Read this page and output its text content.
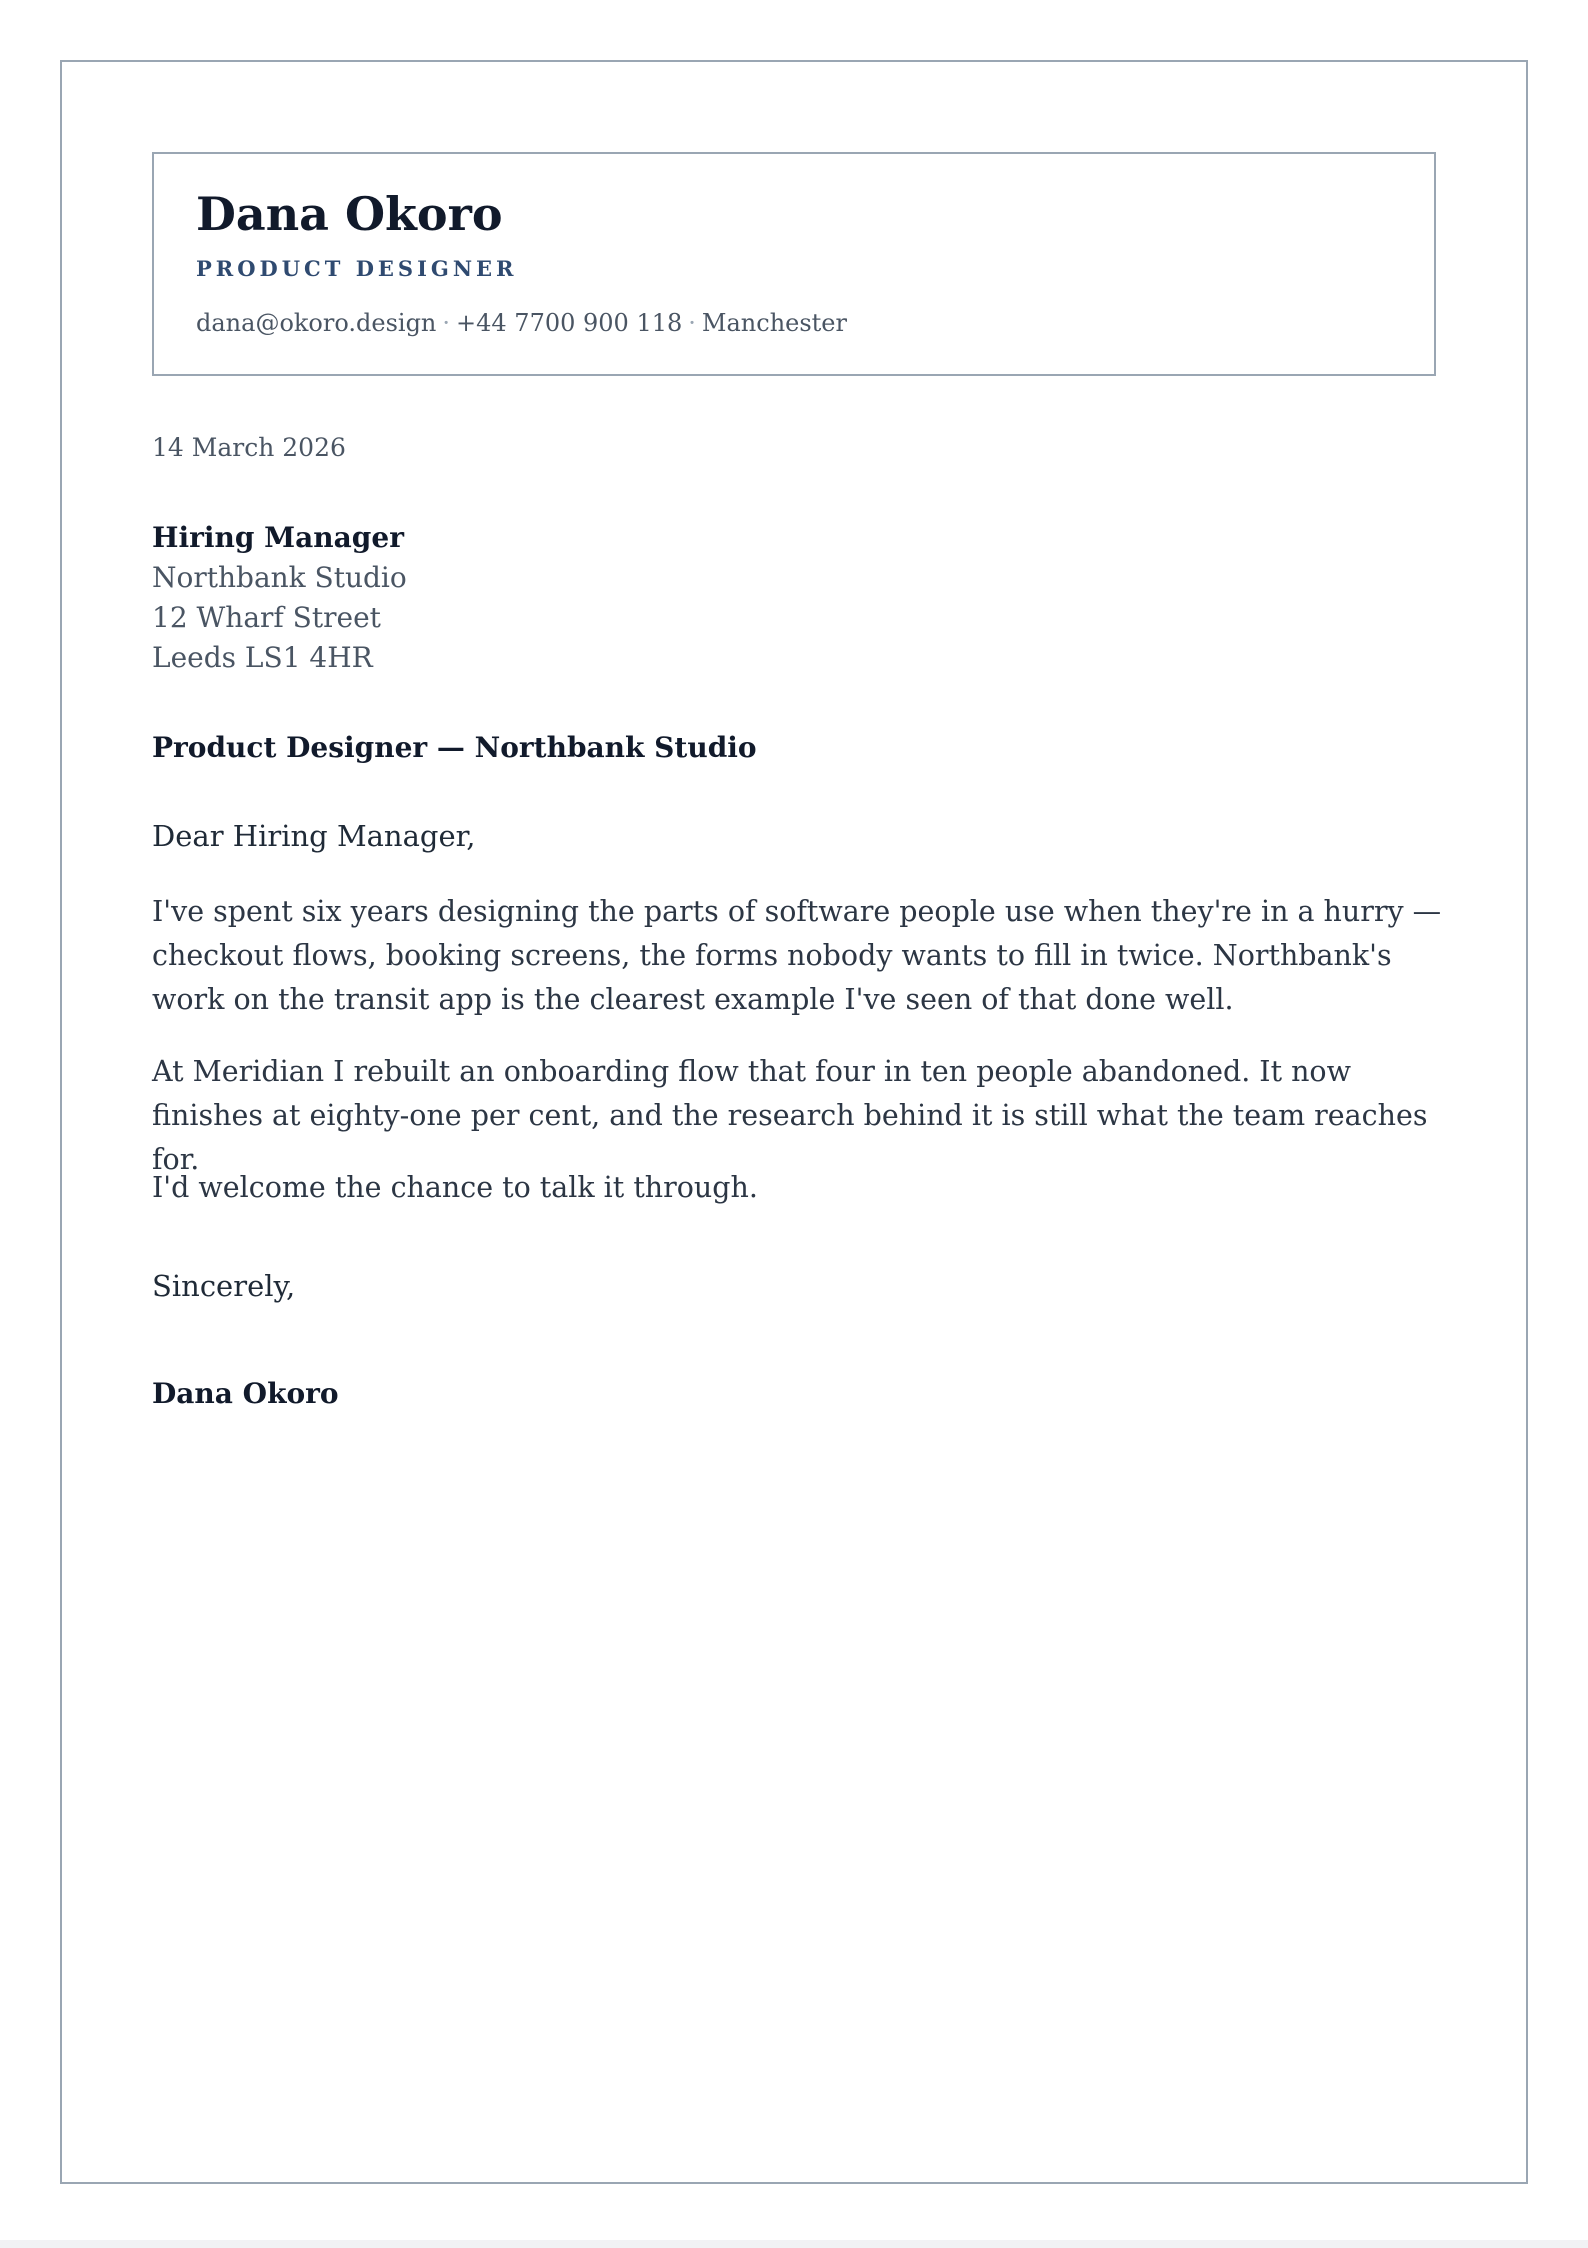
Dana Okoro
PRODUCT DESIGNER
dana@okoro.design · +44 7700 900 118 · Manchester
14 March 2026
Hiring Manager
Northbank Studio
12 Wharf Street
Leeds LS1 4HR
Product Designer — Northbank Studio
Dear Hiring Manager,

I've spent six years designing the parts of software people use when they're in a hurry — checkout flows, booking screens, the forms nobody wants to fill in twice. Northbank's work on the transit app is the clearest example I've seen of that done well.

At Meridian I rebuilt an onboarding flow that four in ten people abandoned. It now finishes at eighty-one per cent, and the research behind it is still what the team reaches for.

I'd welcome the chance to talk it through.

Sincerely,
Dana Okoro
